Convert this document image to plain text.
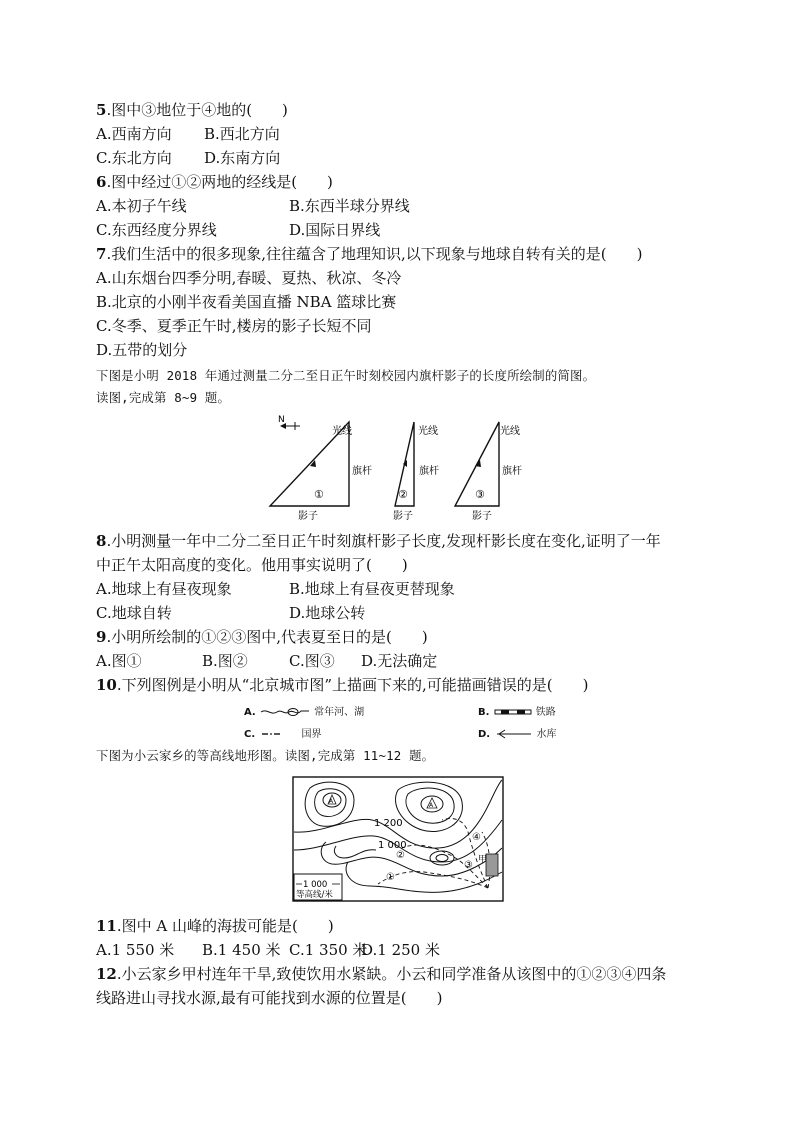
5.图中③地位于④地的(　　)
A.西南方向 B.西北方向
C.东北方向 D.东南方向
6.图中经过①②两地的经线是(　　)
A.本初子午线	B.东西半球分界线
C.东西经度分界线	D.国际日界线
7.我们生活中的很多现象,往往蕴含了地理知识,以下现象与地球自转有关的是(　　)
A.山东烟台四季分明,春暖、夏热、秋凉、冬冷
B.北京的小刚半夜看美国直播 NBA 篮球比赛
C.冬季、夏季正午时,楼房的影子长短不同
D.五带的划分
下图是小明 2018 年通过测量二分二至日正午时刻校园内旗杆影子的长度所绘制的简图。
读图,完成第 8~9 题。
N
光线
旗杆
①
影子
光线
旗杆
②
影子
光线
旗杆
③
影子
8.小明测量一年中二分二至日正午时刻旗杆影子长度,发现杆影长度在变化,证明了一年
中正午太阳高度的变化。他用事实说明了(　　)
A.地球上有昼夜现象	B.地球上有昼夜更替现象
C.地球自转	D.地球公转
9.小明所绘制的①②③图中,代表夏至日的是(　　)
A.图①	B.图②	C.图③ D.无法确定
10.下列图例是小明从“北京城市图”上描画下来的,可能描画错误的是(　　)
A.	常年河、湖	B.	铁路
C.	国界	D.	水库
下图为小云家乡的等高线地形图。读图,完成第 11~12 题。
A
A
甲
1 200
1 000
②
①
③
④
1 000
等高线/米
11.图中 A 山峰的海拔可能是(　　)
A.1 550 米 B.1 450 米 C.1 350 米
D.1 250 米
12.小云家乡甲村连年干旱,致使饮用水紧缺。小云和同学准备从该图中的①②③④四条
线路进山寻找水源,最有可能找到水源的位置是(　　)
